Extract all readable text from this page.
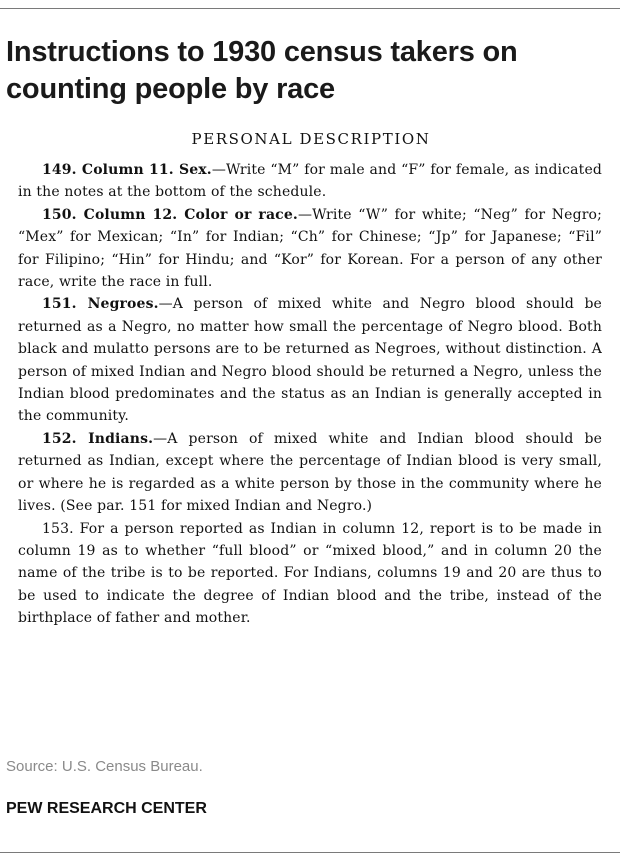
Instructions to 1930 census takers on counting people by race
PERSONAL DESCRIPTION

149. Column 11. Sex.—Write “M” for male and “F” for female, as indicated in the notes at the bottom of the schedule.

150. Column 12. Color or race.—Write “W” for white; “Neg” for Negro; “Mex” for Mexican; “In” for Indian; “Ch” for Chinese; “Jp” for Japanese; “Fil” for Filipino; “Hin” for Hindu; and “Kor” for Korean. For a person of any other race, write the race in full.

151. Negroes.—A person of mixed white and Negro blood should be returned as a Negro, no matter how small the percentage of Negro blood. Both black and mulatto persons are to be returned as Negroes, without distinction. A person of mixed Indian and Negro blood should be returned a Negro, unless the Indian blood predominates and the status as an Indian is generally accepted in the community.

152. Indians.—A person of mixed white and Indian blood should be returned as Indian, except where the percentage of Indian blood is very small, or where he is regarded as a white person by those in the community where he lives. (See par. 151 for mixed Indian and Negro.)

153. For a person reported as Indian in column 12, report is to be made in column 19 as to whether “full blood” or “mixed blood,” and in column 20 the name of the tribe is to be reported. For Indians, columns 19 and 20 are thus to be used to indicate the degree of Indian blood and the tribe, instead of the birthplace of father and mother.

Source: U.S. Census Bureau.
PEW RESEARCH CENTER
